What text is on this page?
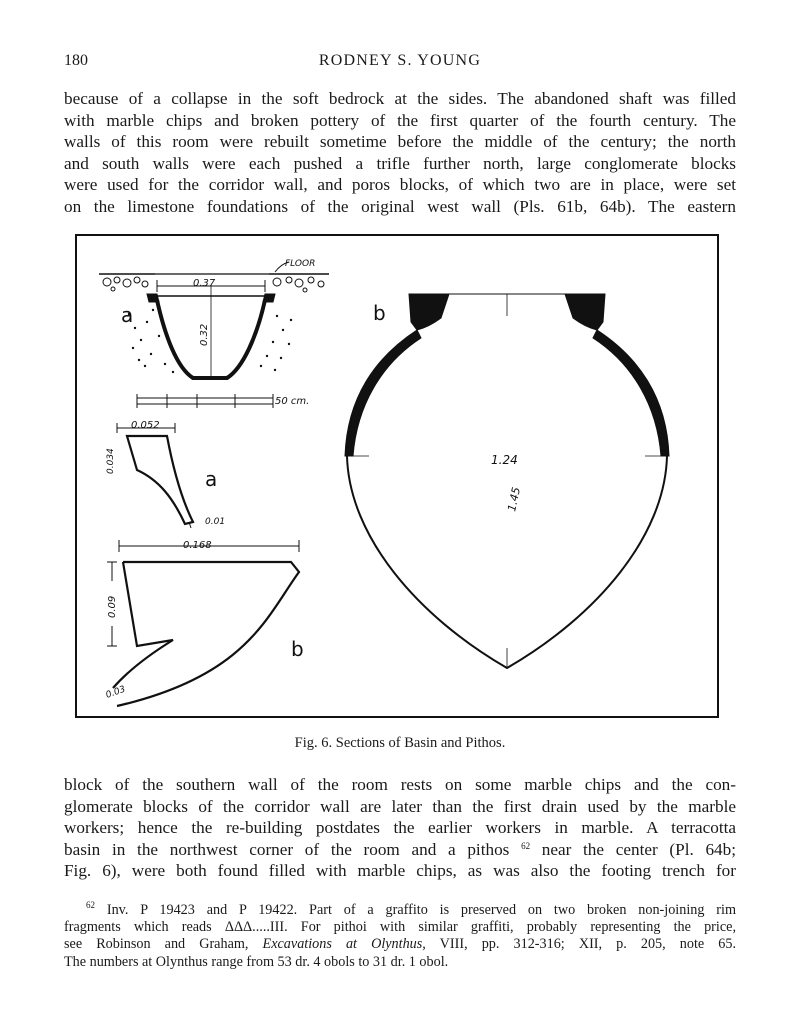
180	RODNEY S. YOUNG
because of a collapse in the soft bedrock at the sides. The abandoned shaft was filled
with marble chips and broken pottery of the first quarter of the fourth century. The
walls of this room were rebuilt sometime before the middle of the century; the north
and south walls were each pushed a trifle further north, large conglomerate blocks
were used for the corridor wall, and poros blocks, of which two are in place, were set
on the limestone foundations of the original west wall (Pls. 61b, 64b). The eastern
FLOOR
0.37
a
0.32
50 cm.
0.052
0.034
a
0.01
0.168
0.09
b
0.03
b
1.24
1.45
Fig. 6. Sections of Basin and Pithos.
block of the southern wall of the room rests on some marble chips and the con-
glomerate blocks of the corridor wall are later than the first drain used by the marble
workers; hence the re-building postdates the earlier workers in marble. A terracotta
basin in the northwest corner of the room and a pithos $^{62}$ near the center (Pl. 64b;
Fig. 6), were both found filled with marble chips, as was also the footing trench for
$^{62}$ Inv. P 19423 and P 19422. Part of a graffito is preserved on two broken non-joining rim
fragments which reads ΔΔΔ.....III. For pithoi with similar graffiti, probably representing the price,
see Robinson and Graham, Excavations at Olynthus, VIII, pp. 312-316; XII, p. 205, note 65.
The numbers at Olynthus range from 53 dr. 4 obols to 31 dr. 1 obol.
